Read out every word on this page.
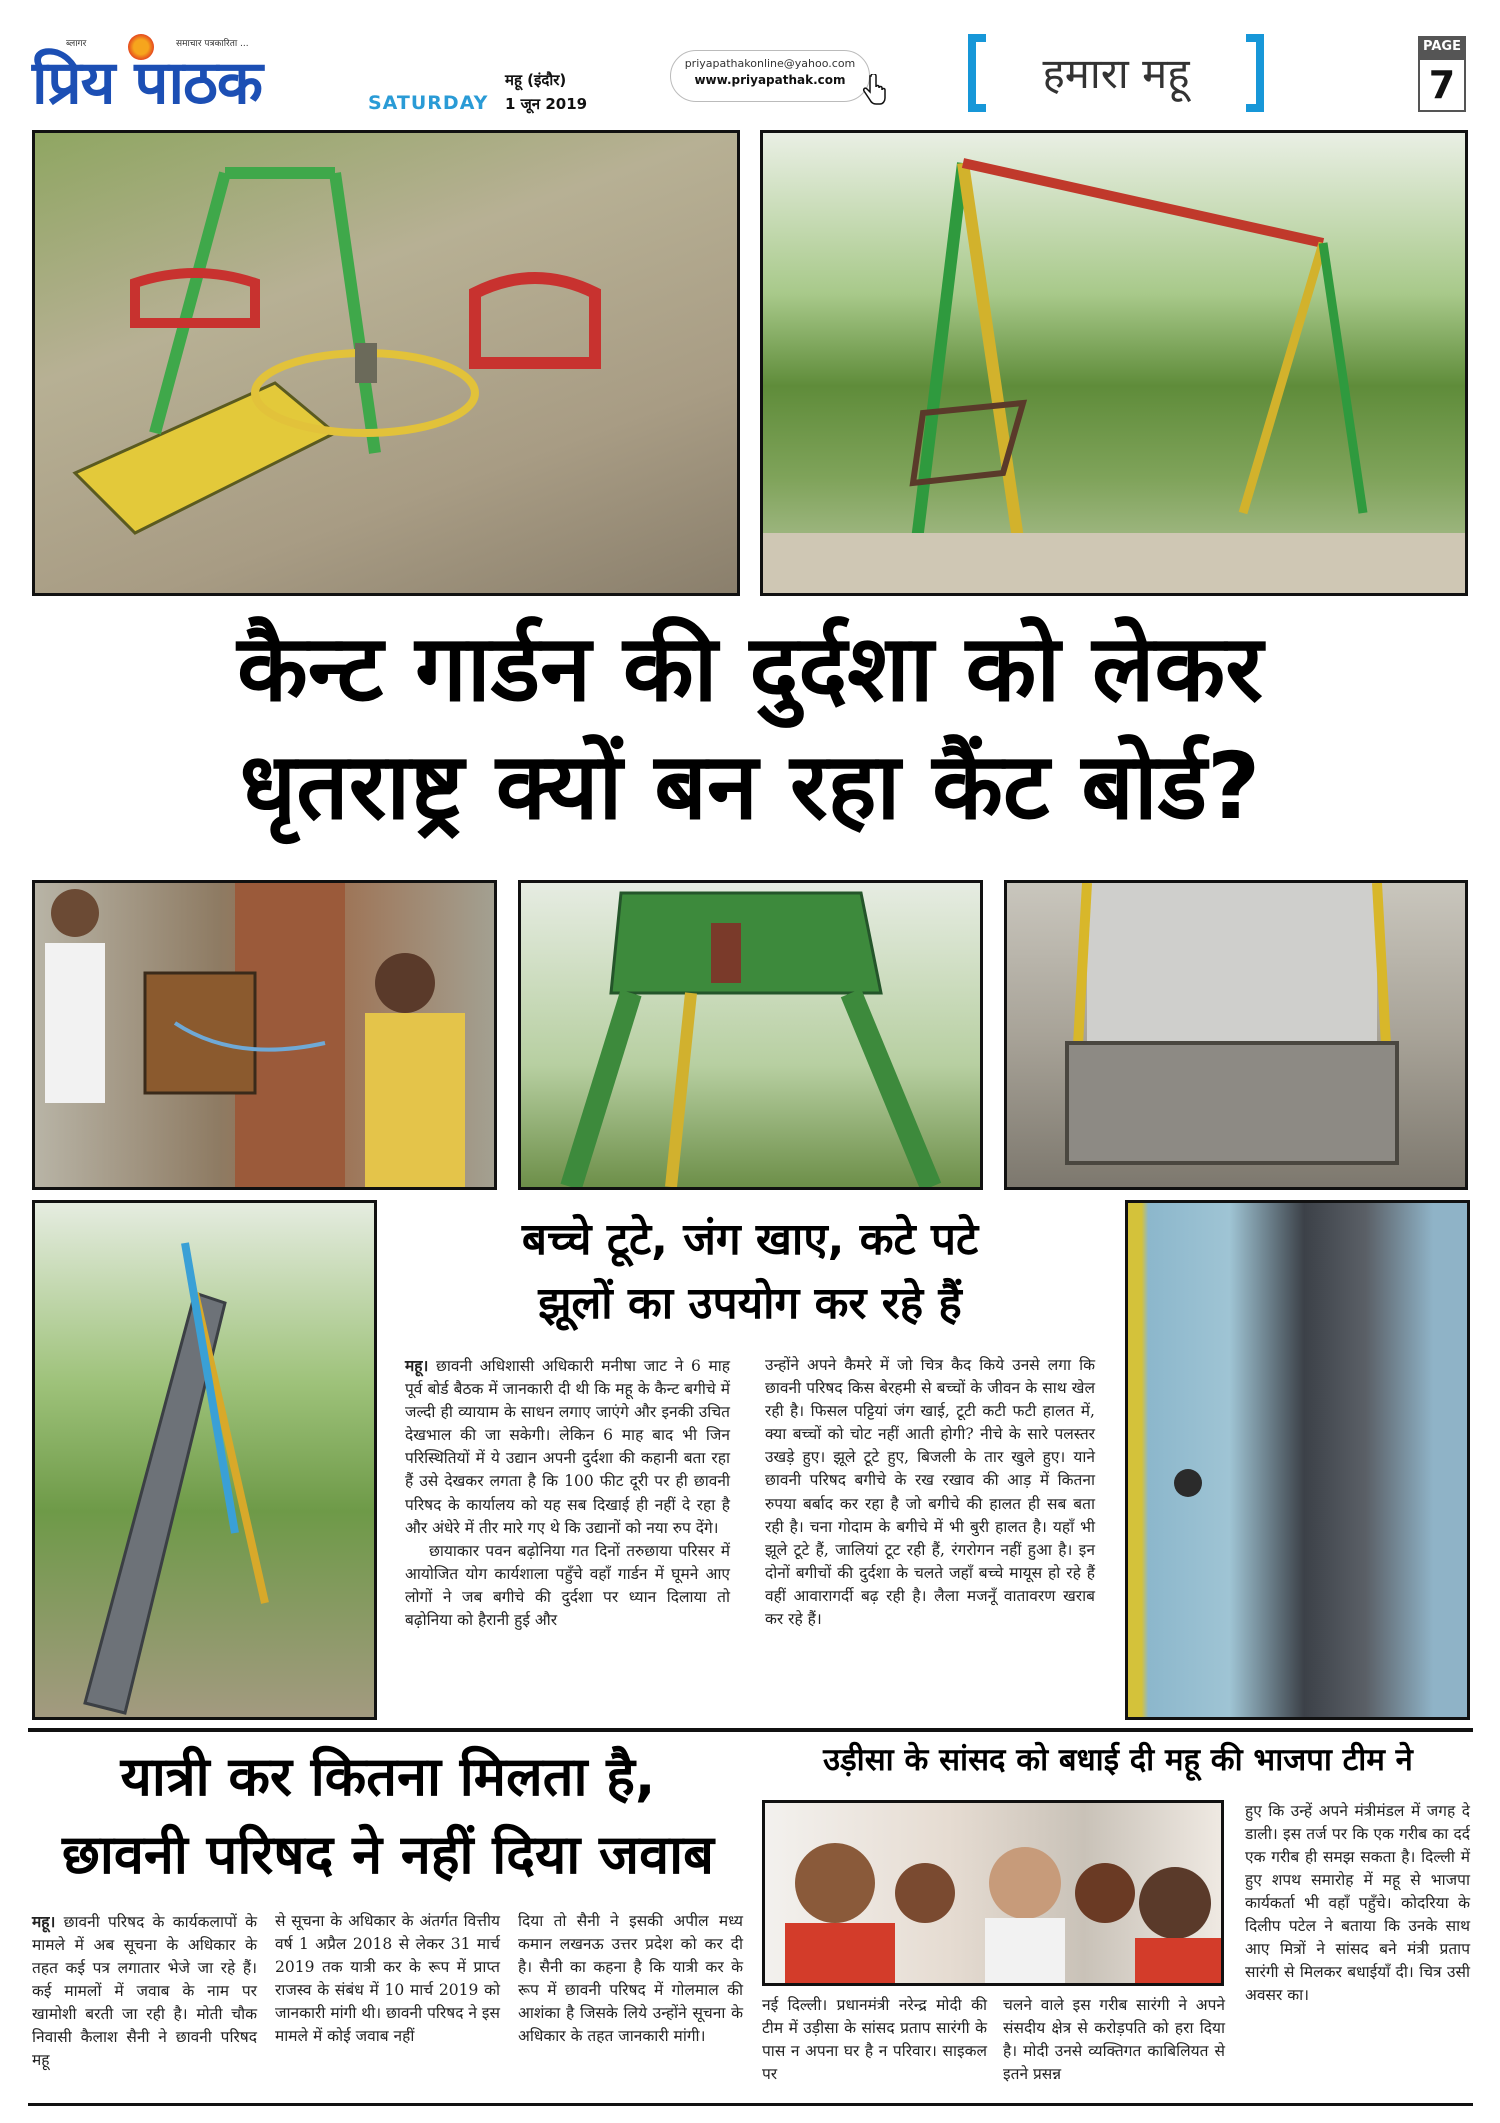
ब्लागर	समाचार पत्रकारिता ...
प्रिय पाठक	SATURDAY
महू (इंदौर)
1 जून 2019
priyapathakonline@yahoo.com
www.priyapathak.com	हमारा महू
PAGE
7
कैन्ट गार्डन की दुर्दशा को लेकर
धृतराष्ट्र क्यों बन रहा कैंट बोर्ड?
बच्चे टूटे, जंग खाए, कटे पटे
झूलों का उपयोग कर रहे हैं

महू। छावनी अधिशासी अधिकारी मनीषा जाट ने 6 माह पूर्व बोर्ड बैठक में जानकारी दी थी कि महू के कैन्ट बगीचे में जल्दी ही व्यायाम के साधन लगाए जाएंगे और इनकी उचित देखभाल की जा सकेगी। लेकिन 6 माह बाद भी जिन परिस्थितियों में ये उद्यान अपनी दुर्दशा की कहानी बता रहा हैं उसे देखकर लगता है कि 100 फीट दूरी पर ही छावनी परिषद के कार्यालय को यह सब दिखाई ही नहीं दे रहा है और अंधेरे में तीर मारे गए थे कि उद्यानों को नया रुप देंगे।

छायाकार पवन बढ़ोनिया गत दिनों तरुछाया परिसर में आयोजित योग कार्यशाला पहुँचे वहाँ गार्डन में घूमने आए लोगों ने जब बगीचे की दुर्दशा पर ध्यान दिलाया तो बढ़ोनिया को हैरानी हुई और

उन्होंने अपने कैमरे में जो चित्र कैद किये उनसे लगा कि छावनी परिषद किस बेरहमी से बच्चों के जीवन के साथ खेल रही है। फिसल पट्टियां जंग खाई, टूटी कटी फटी हालत में, क्या बच्चों को चोट नहीं आती होगी? नीचे के सारे पलस्तर उखड़े हुए। झूले टूटे हुए, बिजली के तार खुले हुए। याने छावनी परिषद बगीचे के रख रखाव की आड़ में कितना रुपया बर्बाद कर रहा है जो बगीचे की हालत ही सब बता रही है। चना गोदाम के बगीचे में भी बुरी हालत है। यहाँ भी झूले टूटे हैं, जालियां टूट रही हैं, रंगरोगन नहीं हुआ है। इन दोनों बगीचों की दुर्दशा के चलते जहाँ बच्चे मायूस हो रहे हैं वहीं आवारागर्दी बढ़ रही है। लैला मजनूँ वातावरण खराब कर रहे हैं।
यात्री कर कितना मिलता है,
छावनी परिषद ने नहीं दिया जवाब
महू। छावनी परिषद के कार्यकलापों के मामले में अब सूचना के अधिकार के तहत कई पत्र लगातार भेजे जा रहे हैं। कई मामलों में जवाब के नाम पर खामोशी बरती जा रही है। मोती चौक निवासी कैलाश सैनी ने छावनी परिषद महू
से सूचना के अधिकार के अंतर्गत वित्तीय वर्ष 1 अप्रैल 2018 से लेकर 31 मार्च 2019 तक यात्री कर के रूप में प्राप्त राजस्व के संबंध में 10 मार्च 2019 को जानकारी मांगी थी। छावनी परिषद ने इस मामले में कोई जवाब नहीं
दिया तो सैनी ने इसकी अपील मध्य कमान लखनऊ उत्तर प्रदेश को कर दी है। सैनी का कहना है कि यात्री कर के रूप में छावनी परिषद में गोलमाल की आशंका है जिसके लिये उन्होंने सूचना के अधिकार के तहत जानकारी मांगी।
उड़ीसा के सांसद को बधाई दी महू की भाजपा टीम ने
नई दिल्ली। प्रधानमंत्री नरेन्द्र मोदी की टीम में उड़ीसा के सांसद प्रताप सारंगी के पास न अपना घर है न परिवार। साइकल पर
चलने वाले इस गरीब सारंगी ने अपने संसदीय क्षेत्र से करोड़पति को हरा दिया है। मोदी उनसे व्यक्तिगत काबिलियत से इतने प्रसन्न
हुए कि उन्हें अपने मंत्रीमंडल में जगह दे डाली। इस तर्ज पर कि एक गरीब का दर्द एक गरीब ही समझ सकता है। दिल्ली में हुए शपथ समारोह में महू से भाजपा कार्यकर्ता भी वहाँ पहुँचे। कोदरिया के दिलीप पटेल ने बताया कि उनके साथ आए मित्रों ने सांसद बने मंत्री प्रताप सारंगी से मिलकर बधाईयाँ दी। चित्र उसी अवसर का।
